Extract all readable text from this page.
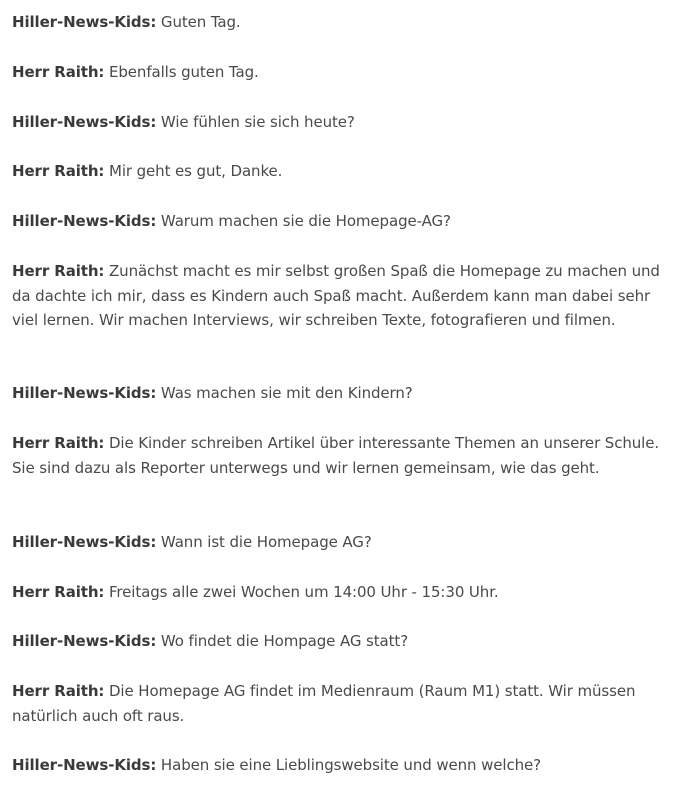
Hiller-News-Kids: Guten Tag.

Herr Raith: Ebenfalls guten Tag.

Hiller-News-Kids: Wie fühlen sie sich heute?

Herr Raith: Mir geht es gut, Danke.

Hiller-News-Kids: Warum machen sie die Homepage-AG?

Herr Raith: Zunächst macht es mir selbst großen Spaß die Homepage zu machen und da dachte ich mir, dass es Kindern auch Spaß macht. Außerdem kann man dabei sehr viel lernen. Wir machen Interviews, wir schreiben Texte, fotografieren und filmen.

Hiller-News-Kids: Was machen sie mit den Kindern?

Herr Raith: Die Kinder schreiben Artikel über interessante Themen an unserer Schule. Sie sind dazu als Reporter unterwegs und wir lernen gemeinsam, wie das geht.

Hiller-News-Kids: Wann ist die Homepage AG?

Herr Raith: Freitags alle zwei Wochen um 14:00 Uhr - 15:30 Uhr.

Hiller-News-Kids: Wo findet die Hompage AG statt?

Herr Raith: Die Homepage AG findet im Medienraum (Raum M1) statt. Wir müssen natürlich auch oft raus.

Hiller-News-Kids: Haben sie eine Lieblingswebsite und wenn welche?
